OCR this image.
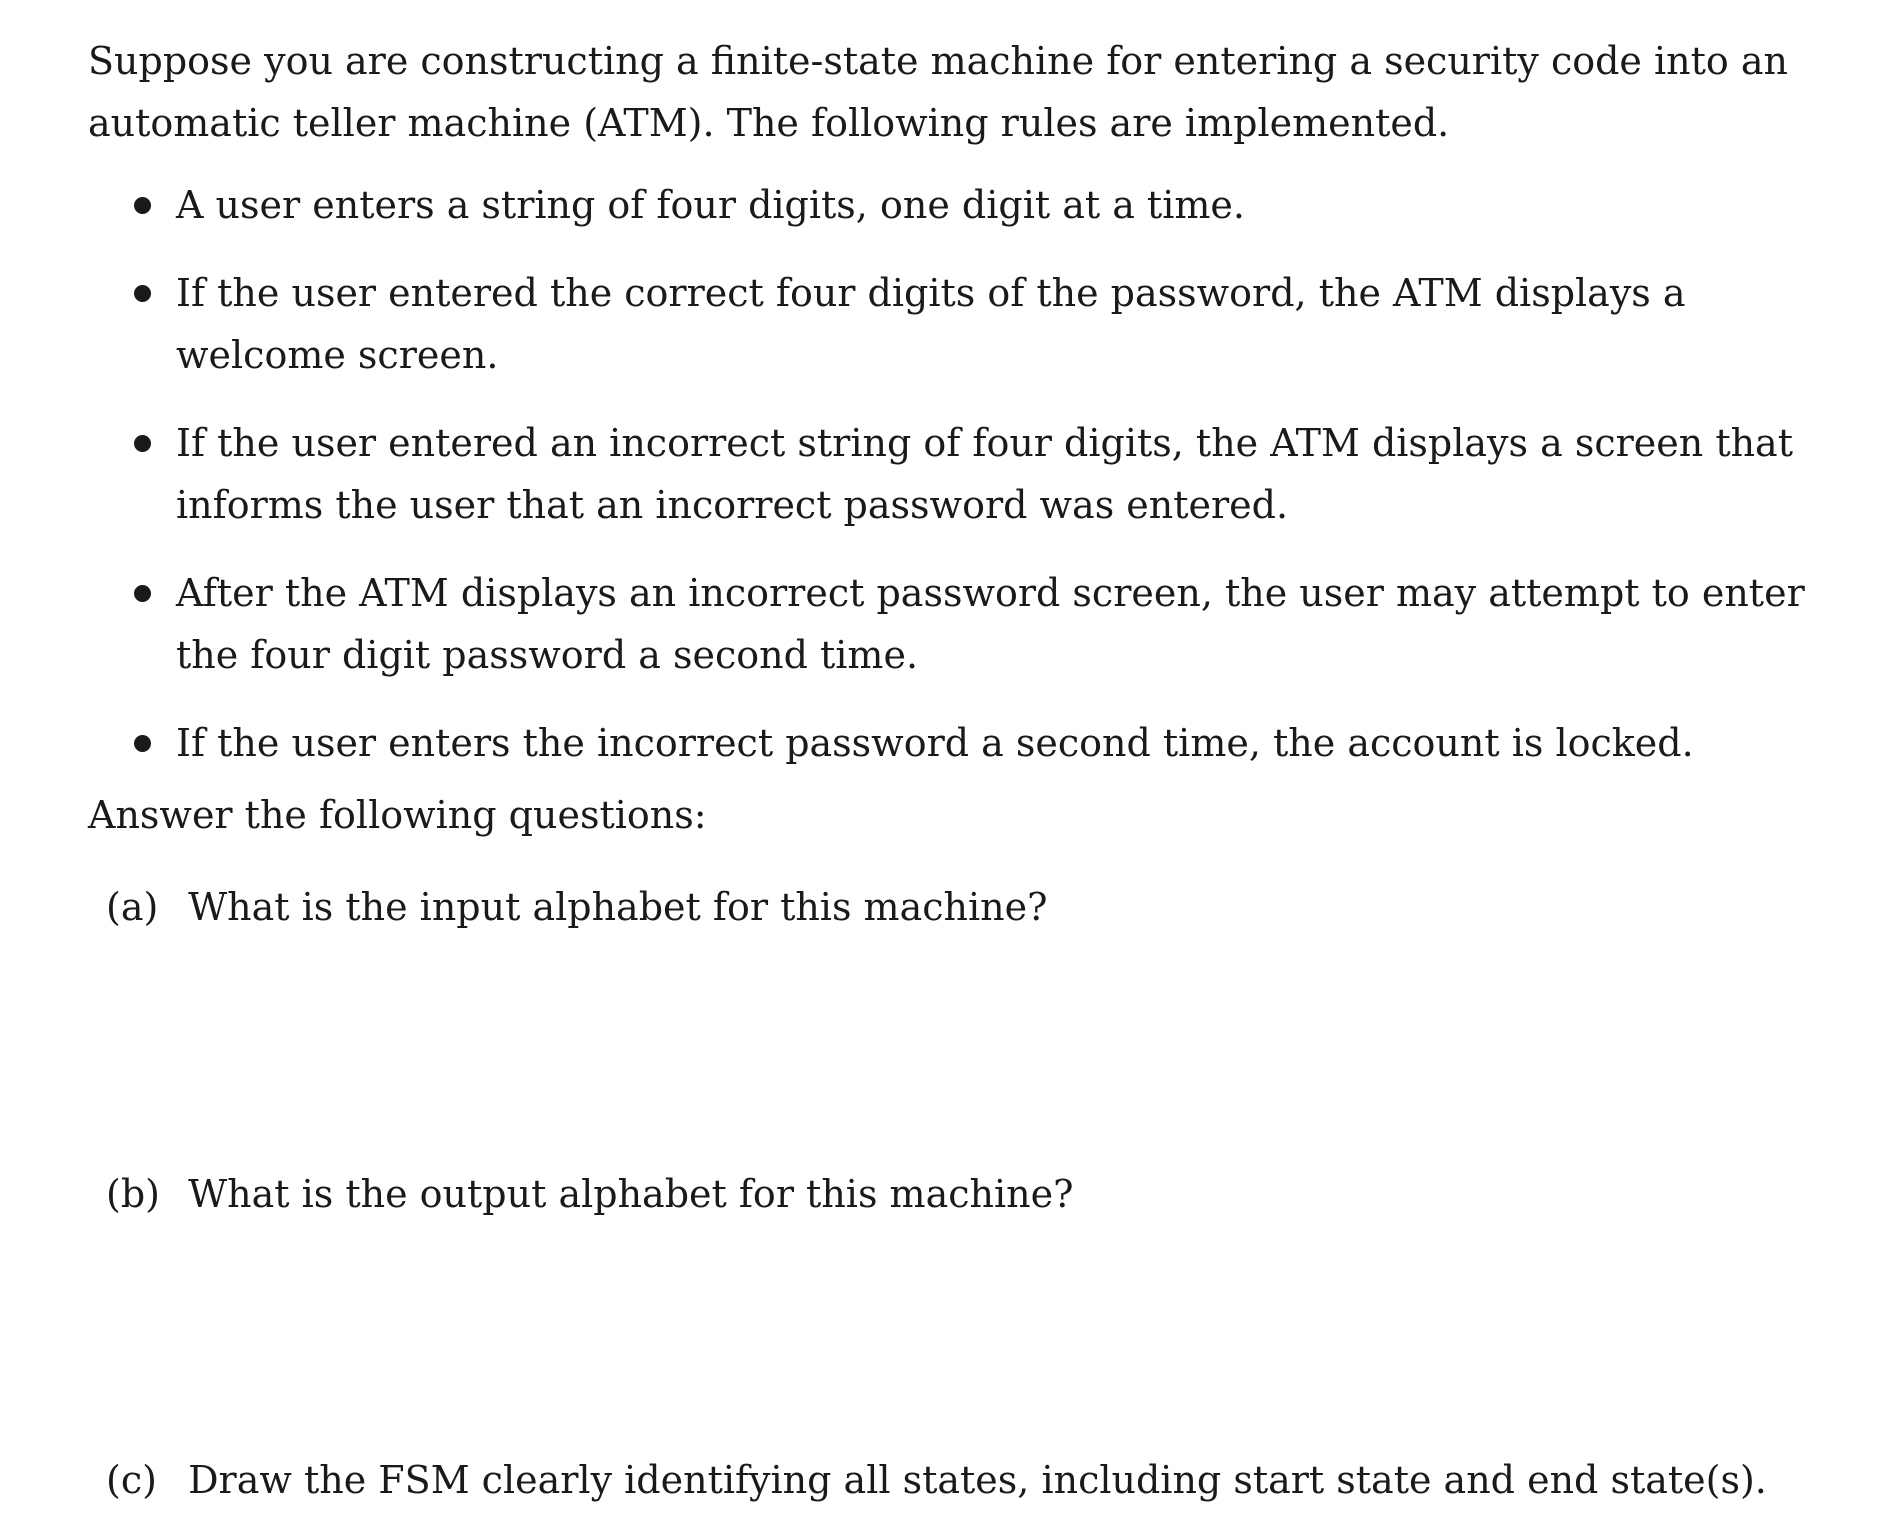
Suppose you are constructing a finite-state machine for entering a security code into an automatic teller machine (ATM). The following rules are implemented.

A user enters a string of four digits, one digit at a time.
If the user entered the correct four digits of the password, the ATM displays a welcome screen.
If the user entered an incorrect string of four digits, the ATM displays a screen that informs the user that an incorrect password was entered.
After the ATM displays an incorrect password screen, the user may attempt to enter the four digit password a second time.
If the user enters the incorrect password a second time, the account is locked.

Answer the following questions:

(a) What is the input alphabet for this machine?

(b) What is the output alphabet for this machine?

(c) Draw the FSM clearly identifying all states, including start state and end state(s).
